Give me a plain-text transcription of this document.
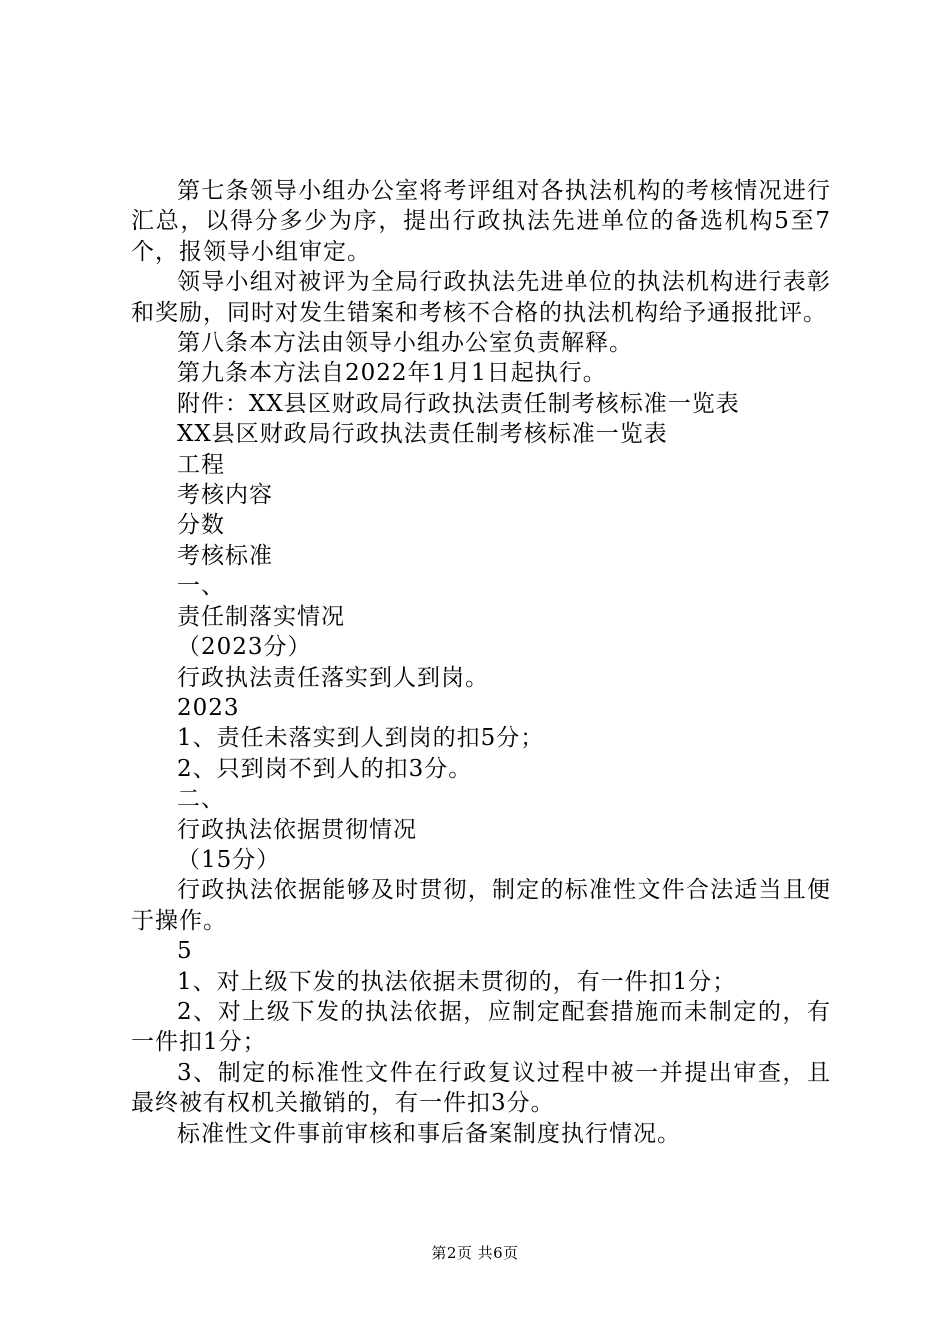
第七条领导小组办公室将考评组对各执法机构的考核情况进行汇总，以得分多少为序，提出行政执法先进单位的备选机构5至7个，报领导小组审定。

领导小组对被评为全局行政执法先进单位的执法机构进行表彰和奖励，同时对发生错案和考核不合格的执法机构给予通报批评。

第八条本方法由领导小组办公室负责解释。

第九条本方法自2022年1月1日起执行。

附件：XX县区财政局行政执法责任制考核标准一览表

XX县区财政局行政执法责任制考核标准一览表

工程

考核内容

分数

考核标准

一、

责任制落实情况

（2023分）

行政执法责任落实到人到岗。

2023

1、责任未落实到人到岗的扣5分；

2、只到岗不到人的扣3分。

二、

行政执法依据贯彻情况

（15分）

行政执法依据能够及时贯彻，制定的标准性文件合法适当且便于操作。

5

1、对上级下发的执法依据未贯彻的，有一件扣1分；

2、对上级下发的执法依据，应制定配套措施而未制定的，有一件扣1分；

3、制定的标准性文件在行政复议过程中被一并提出审查，且最终被有权机关撤销的，有一件扣3分。

标准性文件事前审核和事后备案制度执行情况。

第2页 共6页
